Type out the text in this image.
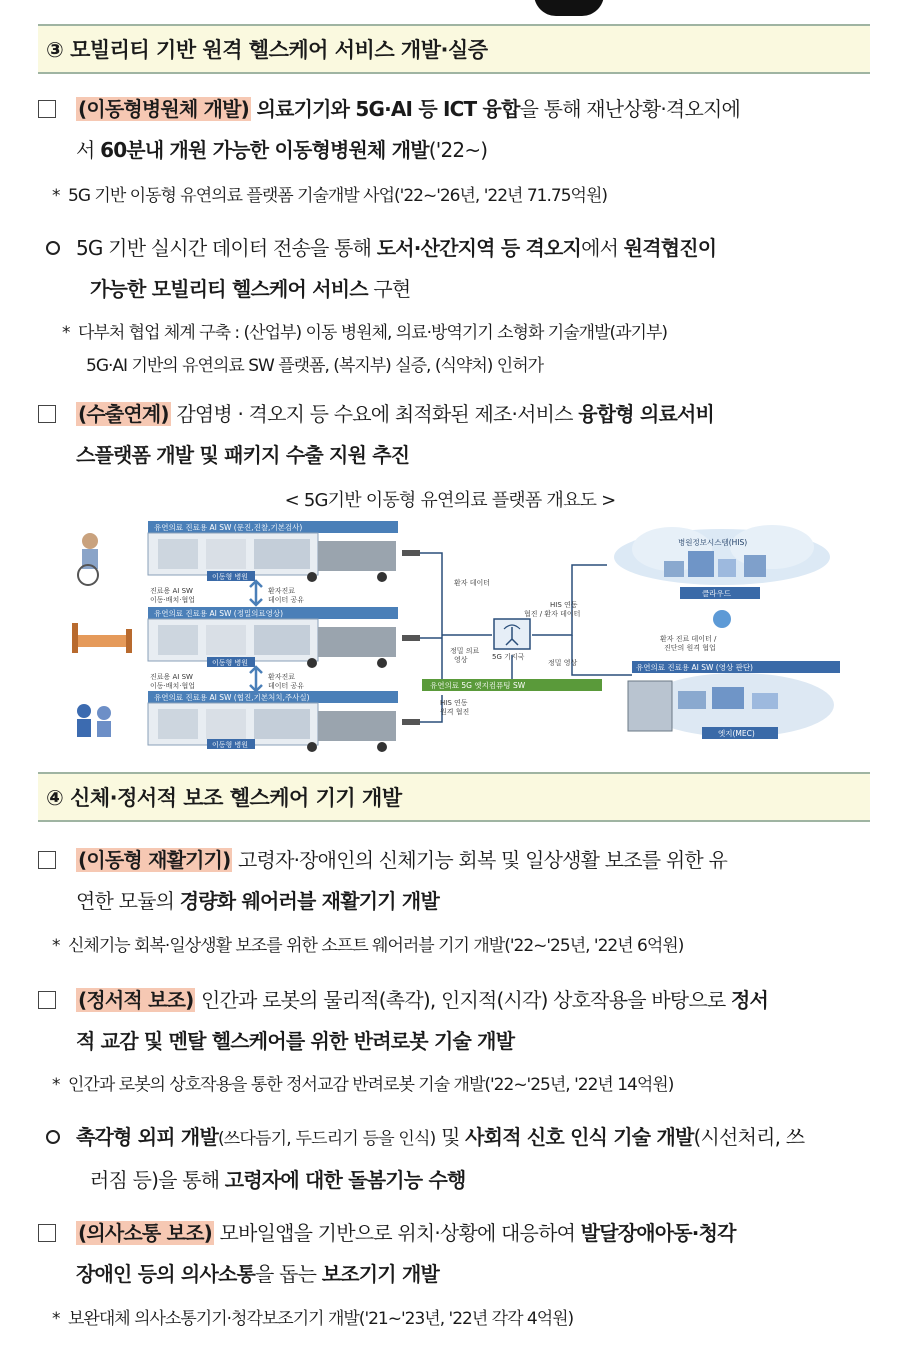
③ 모빌리티 기반 원격 헬스케어 서비스 개발·실증
(이동형병원체 개발) 의료기기와 5G·AI 등 ICT 융합을 통해 재난상황·격오지에
서 60분내 개원 가능한 이동형병원체 개발('22~)
* 5G 기반 이동형 유연의료 플랫폼 기술개발 사업('22~'26년, '22년 71.75억원)
5G 기반 실시간 데이터 전송을 통해 도서·산간지역 등 격오지에서 원격협진이
가능한 모빌리티 헬스케어 서비스 구현
* 다부처 협업 체계 구축 : (산업부) 이동 병원체, 의료·방역기기 소형화 기술개발(과기부)
5G·AI 기반의 유연의료 SW 플랫폼, (복지부) 실증, (식약처) 인허가
(수출연계) 감염병 · 격오지 등 수요에 최적화된 제조·서비스 융합형 의료서비
스플랫폼 개발 및 패키지 수출 지원 추진
< 5G기반 이동형 유연의료 플랫폼 개요도 >
유연의료 진료용 AI SW (문진,진찰,기본검사)
이동형 병원
진료용 AI SW
이동·배치·협업
환자진료
데이터 공유
유연의료 진료용 AI SW (정밀의료영상)
이동형 병원
진료용 AI SW
이동·배치·협업
환자진료
데이터 공유
유연의료 진료용 AI SW (협진,기본처치,주사실)
이동형 병원
환자 데이터
HIS 연동
협진 / 환자 데이터
정밀 의료
영상	5G 기지국
정밀 영상
유연의료 5G 엣지컴퓨팅 SW
HIS 연동
원격 협진
병원정보시스템(HIS)
클라우드
환자 진료 데이터 /
진단의 원격 협업
유연의료 진료용 AI SW (영상 판단)
엣지(MEC)
④ 신체·정서적 보조 헬스케어 기기 개발
(이동형 재활기기) 고령자·장애인의 신체기능 회복 및 일상생활 보조를 위한 유
연한 모듈의 경량화 웨어러블 재활기기 개발
* 신체기능 회복·일상생활 보조를 위한 소프트 웨어러블 기기 개발('22~'25년, '22년 6억원)
(정서적 보조) 인간과 로봇의 물리적(촉각), 인지적(시각) 상호작용을 바탕으로 정서
적 교감 및 멘탈 헬스케어를 위한 반려로봇 기술 개발
* 인간과 로봇의 상호작용을 통한 정서교감 반려로봇 기술 개발('22~'25년, '22년 14억원)
촉각형 외피 개발(쓰다듬기, 두드리기 등을 인식) 및 사회적 신호 인식 기술 개발(시선처리, 쓰
러짐 등)을 통해 고령자에 대한 돌봄기능 수행
(의사소통 보조) 모바일앱을 기반으로 위치·상황에 대응하여 발달장애아동·청각
장애인 등의 의사소통을 돕는 보조기기 개발
* 보완대체 의사소통기기·청각보조기기 개발('21~'23년, '22년 각각 4억원)
